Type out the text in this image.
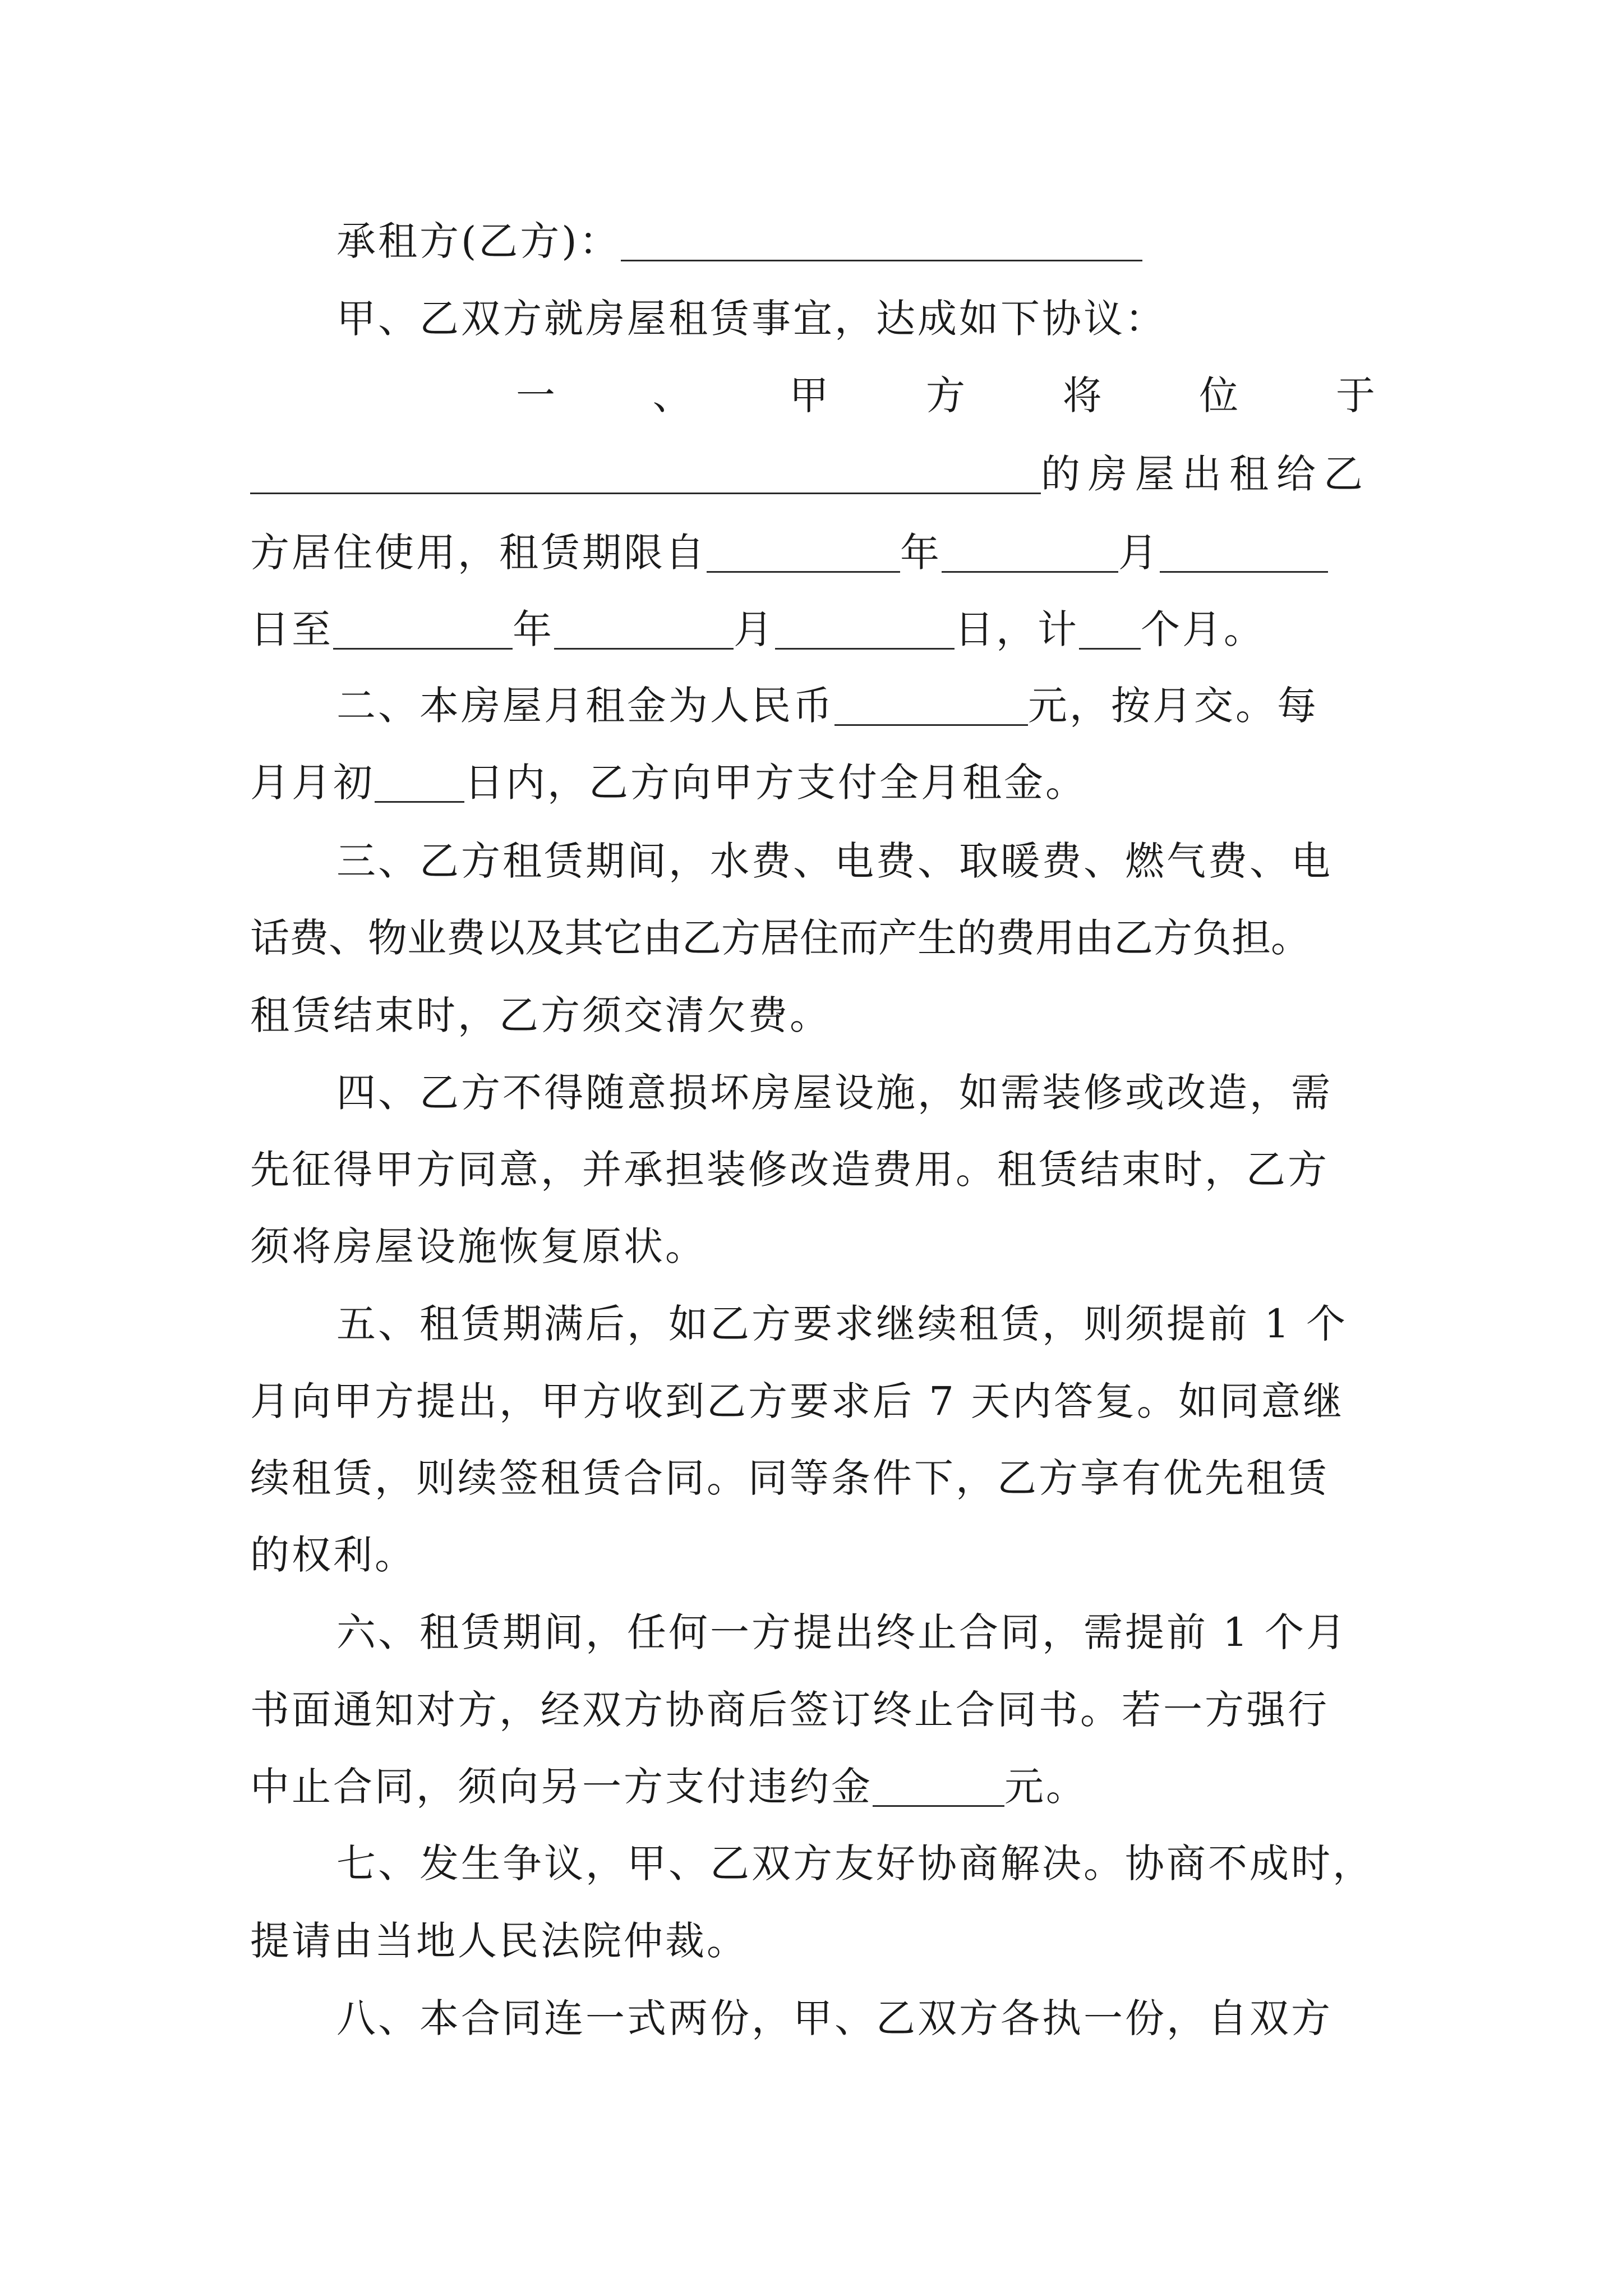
承租方(乙方)：
甲、乙双方就房屋租赁事宜，达成如下协议：
一 、 甲 方 将 位 于
的房屋出租给乙
方居住使用，租赁期限自	年	月
日至	年	月	日，计 个月。
二、本房屋月租金为人民币	元，按月交。每
月月初 日内，乙方向甲方支付全月租金。
三、乙方租赁期间，水费、电费、取暖费、燃气费、电
话费、物业费以及其它由乙方居住而产生的费用由乙方负担。
租赁结束时，乙方须交清欠费。
四、乙方不得随意损坏房屋设施，如需装修或改造，需
先征得甲方同意，并承担装修改造费用。租赁结束时，乙方
须将房屋设施恢复原状。
五、租赁期满后，如乙方要求继续租赁，则须提前 1 个
月向甲方提出，甲方收到乙方要求后 7 天内答复。如同意继
续租赁，则续签租赁合同。同等条件下，乙方享有优先租赁
的权利。
六、租赁期间，任何一方提出终止合同，需提前 1 个月
书面通知对方，经双方协商后签订终止合同书。若一方强行
中止合同，须向另一方支付违约金	元。
七、发生争议，甲、乙双方友好协商解决。协商不成时，
提请由当地人民法院仲裁。
八、本合同连一式两份，甲、乙双方各执一份，自双方
